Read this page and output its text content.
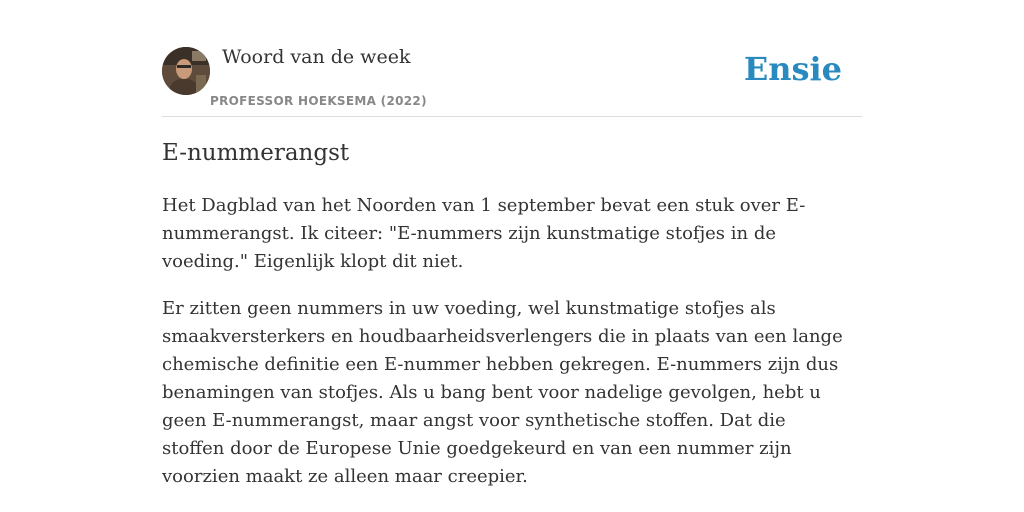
Woord van de week
PROFESSOR HOEKSEMA (2022)
Ensie
E-nummerangst

Het Dagblad van het Noorden van 1 september bevat een stuk over E-nummerangst. Ik citeer: "E-nummers zijn kunstmatige stofjes in de voeding." Eigenlijk klopt dit niet.

Er zitten geen nummers in uw voeding, wel kunstmatige stofjes als smaakversterkers en houdbaarheidsverlengers die in plaats van een lange chemische definitie een E-nummer hebben gekregen. E-nummers zijn dus benamingen van stofjes. Als u bang bent voor nadelige gevolgen, hebt u geen E-nummerangst, maar angst voor synthetische stoffen. Dat die stoffen door de Europese Unie goedgekeurd en van een nummer zijn voorzien maakt ze alleen maar creepier.
